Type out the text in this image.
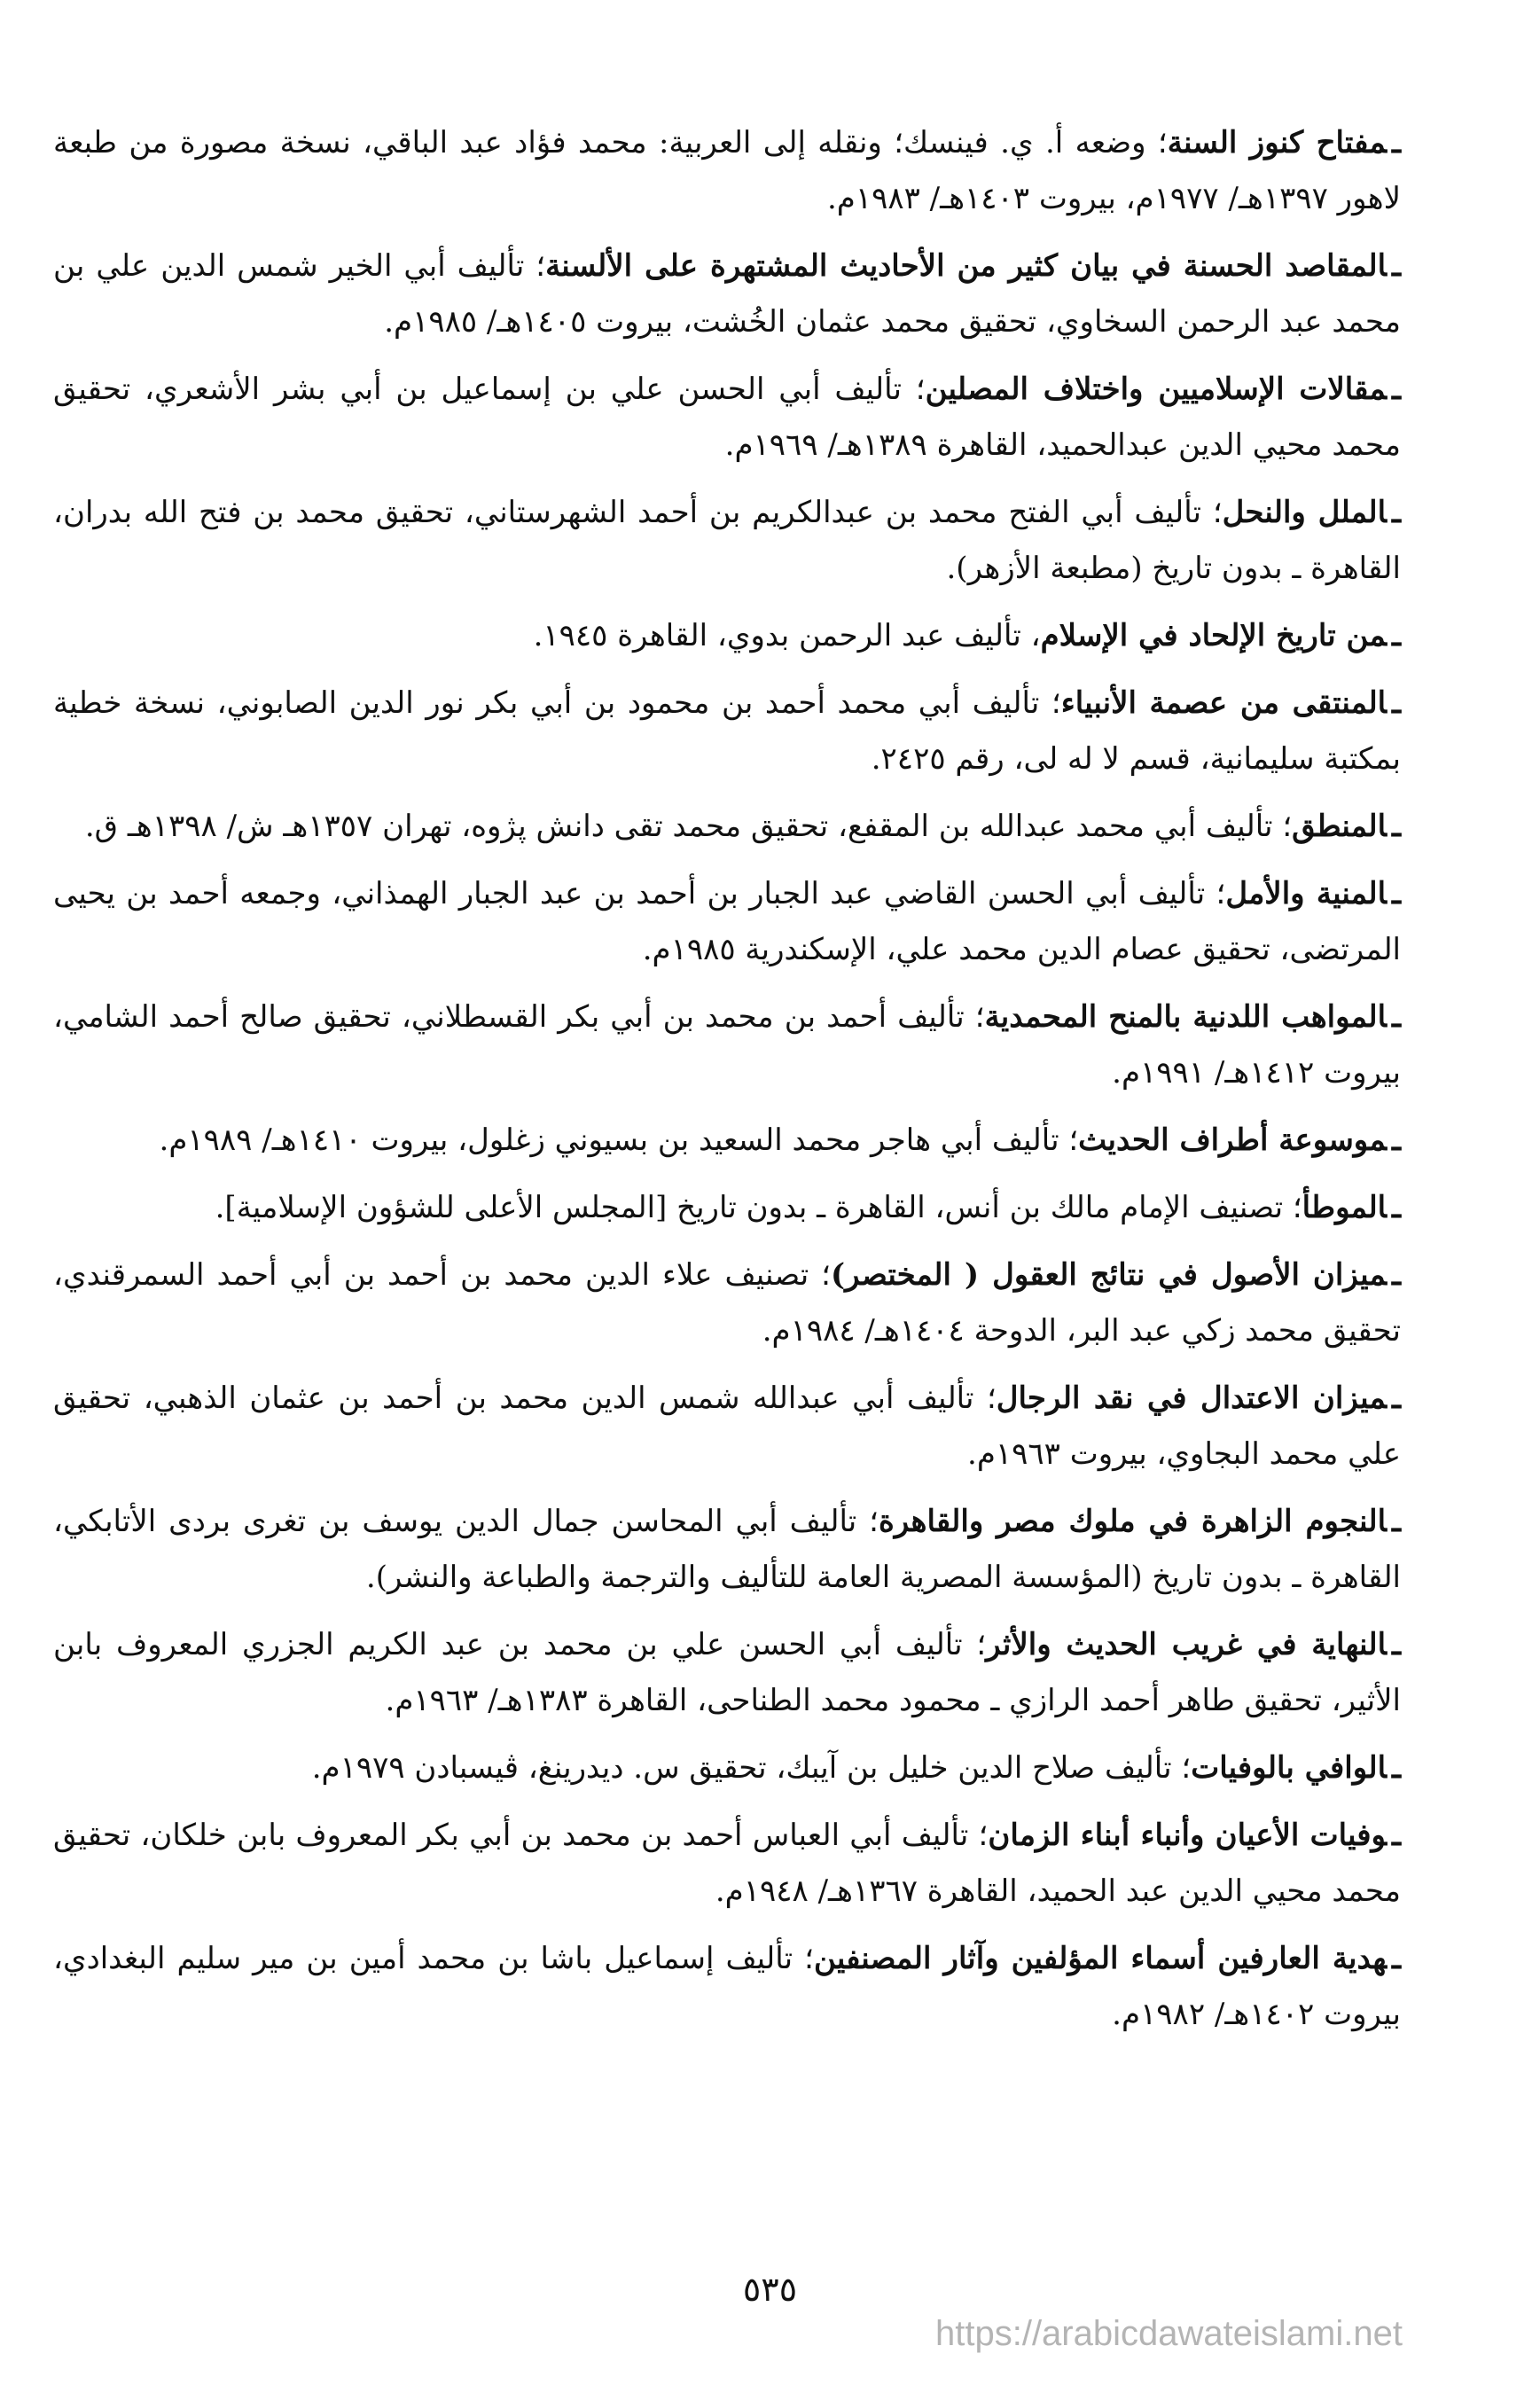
ـمفتاح كنوز السنة؛ وضعه أ. ي. فينسك؛ ونقله إلى العربية: محمد فؤاد عبد الباقي، نسخة مصورة من طبعة لاهور ١٣٩٧هـ/ ١٩٧٧م، بيروت ١٤٠٣هـ/ ١٩٨٣م.

ـالمقاصد الحسنة في بيان كثير من الأحاديث المشتهرة على الألسنة؛ تأليف أبي الخير شمس الدين علي بن محمد عبد الرحمن السخاوي، تحقيق محمد عثمان الخُشت، بيروت ١٤٠٥هـ/ ١٩٨٥م.

ـمقالات الإسلاميين واختلاف المصلين؛ تأليف أبي الحسن علي بن إسماعيل بن أبي بشر الأشعري، تحقيق محمد محيي الدين عبدالحميد، القاهرة ١٣٨٩هـ/ ١٩٦٩م.

ـالملل والنحل؛ تأليف أبي الفتح محمد بن عبدالكريم بن أحمد الشهرستاني، تحقيق محمد بن فتح الله بدران، القاهرة ـ بدون تاريخ (مطبعة الأزهر).

ـمن تاريخ الإلحاد في الإسلام، تأليف عبد الرحمن بدوي، القاهرة ١٩٤٥.

ـالمنتقى من عصمة الأنبياء؛ تأليف أبي محمد أحمد بن محمود بن أبي بكر نور الدين الصابوني، نسخة خطية بمكتبة سليمانية، قسم لا له لى، رقم ٢٤٢٥.

ـالمنطق؛ تأليف أبي محمد عبدالله بن المقفع، تحقيق محمد تقى دانش پژوه، تهران ١٣٥٧هـ ش/ ١٣٩٨هـ ق.

ـالمنية والأمل؛ تأليف أبي الحسن القاضي عبد الجبار بن أحمد بن عبد الجبار الهمذاني، وجمعه أحمد بن يحيى المرتضى، تحقيق عصام الدين محمد علي، الإسكندرية ١٩٨٥م.

ـالمواهب اللدنية بالمنح المحمدية؛ تأليف أحمد بن محمد بن أبي بكر القسطلاني، تحقيق صالح أحمد الشامي، بيروت ١٤١٢هـ/ ١٩٩١م.

ـموسوعة أطراف الحديث؛ تأليف أبي هاجر محمد السعيد بن بسيوني زغلول، بيروت ١٤١٠هـ/ ١٩٨٩م.

ـالموطأ؛ تصنيف الإمام مالك بن أنس، القاهرة ـ بدون تاريخ [المجلس الأعلى للشؤون الإسلامية].

ـميزان الأصول في نتائج العقول ( المختصر)؛ تصنيف علاء الدين محمد بن أحمد بن أبي أحمد السمرقندي، تحقيق محمد زكي عبد البر، الدوحة ١٤٠٤هـ/ ١٩٨٤م.

ـميزان الاعتدال في نقد الرجال؛ تأليف أبي عبدالله شمس الدين محمد بن أحمد بن عثمان الذهبي، تحقيق علي محمد البجاوي، بيروت ١٩٦٣م.

ـالنجوم الزاهرة في ملوك مصر والقاهرة؛ تأليف أبي المحاسن جمال الدين يوسف بن تغرى بردى الأتابكي، القاهرة ـ بدون تاريخ (المؤسسة المصرية العامة للتأليف والترجمة والطباعة والنشر).

ـالنهاية في غريب الحديث والأثر؛ تأليف أبي الحسن علي بن محمد بن عبد الكريم الجزري المعروف بابن الأثير، تحقيق طاهر أحمد الرازي ـ محمود محمد الطناحى، القاهرة ١٣٨٣هـ/ ١٩٦٣م.

ـالوافي بالوفيات؛ تأليف صلاح الدين خليل بن آيبك، تحقيق س. ديدرينغ، ڤيسبادن ١٩٧٩م.

ـوفيات الأعيان وأنباء أبناء الزمان؛ تأليف أبي العباس أحمد بن محمد بن أبي بكر المعروف بابن خلكان، تحقيق محمد محيي الدين عبد الحميد، القاهرة ١٣٦٧هـ/ ١٩٤٨م.

ـهدية العارفين أسماء المؤلفين وآثار المصنفين؛ تأليف إسماعيل باشا بن محمد أمين بن مير سليم البغدادي، بيروت ١٤٠٢هـ/ ١٩٨٢م.

٥٣٥
https://arabicdawateislami.net
